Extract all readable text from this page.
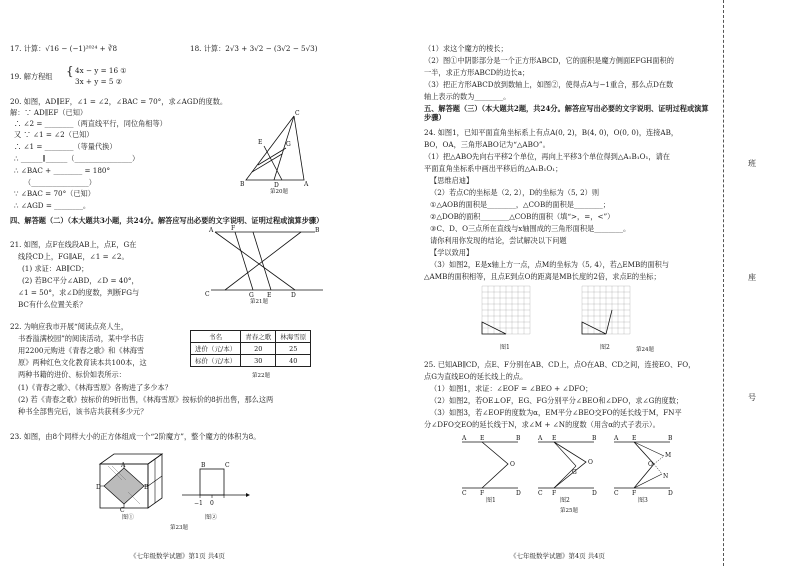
17. 计算：√16 − (−1)²⁰²⁴ + ∛8	18. 计算：2√3 + 3√2 − (3√2 − 5√3)
19. 解方程组 { 4x − y = 16 ①
3x + y = 5 ②
20. 如图，AD∥EF，∠1 = ∠2，∠BAC = 70°，求∠AGD的度数。
解：∵ AD∥EF（已知）
∴ ∠2 = ________（两直线平行，同位角相等）
又 ∵ ∠1 = ∠2（已知）
∴ ∠1 = ________（等量代换）
∴ ______∥______（________________）
∴ ∠BAC + ________ = 180°
（________________）
∵ ∠BAC = 70°（已知）
∴ ∠AGD = ________。
C
B	A
D
G
E
第20题
四、解答题（二）（本大题共3小题，共24分。解答应写出必要的文字说明、证明过程或演算步骤）
21. 如图，点F在线段AB上，点E，G在
线段CD上，FG∥AE，∠1 = ∠2。
(1) 求证：AB∥CD；
(2) 若BC平分∠ABD，∠D = 40°，
∠1 = 50°，求∠D的度数，判断FG与
BC有什么位置关系？
A	F	B
C	G E	D
第21题
22. 为响应我市开展“阅读点亮人生，
书香溢满校园”的阅读活动，某中学书店
用2200元购进《青春之歌》和《林海雪
原》两种红色文化教育读本共100本，这
两种书籍的进价、标价如表所示：
书名	青春之歌	林海雪原
进价（元/本）	20	25
标价（元/本）	30	40
第22题
(1)《青春之歌》、《林海雪原》各购进了多少本？
(2) 若《青春之歌》按标价的9折出售，《林海雪原》按标价的8折出售，那么这两
种书全部售完后，该书店共获利多少元？
23. 如图，由8个同样大小的正方体组成一个“2阶魔方”，整个魔方的体积为8。
A
B
C
D
图①
−1 0
B	C
图②
第23题
《七年级数学试题》第1页 共4页
（1）求这个魔方的棱长；
（2）图①中阴影部分是一个正方形ABCD，它的面积是魔方侧面EFGH面积的
一半，求正方形ABCD的边长a；
（3）把正方形ABCD放到数轴上，如图②，使得点A与−1重合，那么点D在数
轴上表示的数为________。
五、解答题（三）（本大题共2题，共24分。解答应写出必要的文字说明、证明过程或演算步骤）
24. 如图1，已知平面直角坐标系上有点A(0, 2)，B(4, 0)，O(0, 0)，连接AB，
BO，OA，三角形ABO记为“△ABO”。
（1）把△ABO先向右平移2个单位，再向上平移3个单位得到△A₁B₁O₁，请在
平面直角坐标系中画出平移后的△A₁B₁O₁；
【思维启迪】
（2）若点C的坐标是（2, 2），D的坐标为（5, 2）则
①△AOB的面积是________，△COB的面积是________；
②△DOB的面积________△COB的面积（填“>，=，<”）
③C、D、O三点所在直线与x轴围成的三角形面积是________。
请你利用你发现的结论，尝试解决以下问题
【学以致用】
（3）如图2，E是x轴上方一点，点M的坐标为（5, 4），若△EMB的面积与
△AMB的面积相等，且点E到点O的距离是MB长度的2倍，求点E的坐标；
图1	图2	第24题
25. 已知AB∥CD，点E、F分别在AB、CD上，点O在AB、CD之间，连接EO、FO，
点G为直线EO的延长线上的点。
（1）如图1，求证：∠EOF = ∠BEO + ∠DFO；
（2）如图2，若OE⊥OF，EG、FG分别平分∠BEO和∠DFO，求∠G的度数；
（3）如图3，若∠EOF的度数为α，EM平分∠BEO交FO的延长线于M，FN平
分∠DFO交EO的延长线于N，求∠M + ∠N的度数（用含α的式子表示）。
A E	B
O
C F	D
A E	B
O
G
C F	D
A E	B
M
N
O
C F	D
图1	图2	图3
第25题
《七年级数学试题》第4页 共4页
班
座
号
